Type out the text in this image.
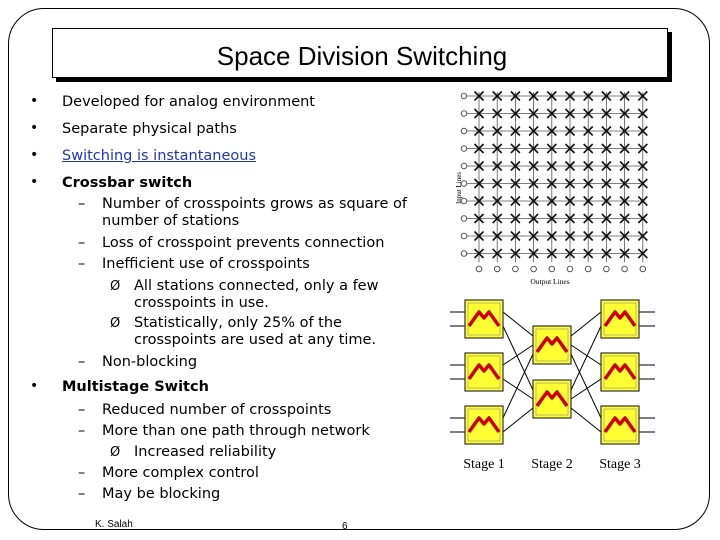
Space Division Switching
• Developed for analog environment
• Separate physical paths
• Switching is instantaneous
• Crossbar switch
– Number of crosspoints grows as square of
number of stations
– Loss of crosspoint prevents connection
– Inefficient use of crosspoints
Ø All stations connected, only a few
crosspoints in use.
Ø Statistically, only 25% of the
crosspoints are used at any time.
– Non-blocking
• Multistage Switch
– Reduced number of crosspoints
– More than one path through network
Ø Increased reliability
– More complex control
– May be blocking
Input Lines
Output Lines
Stage 1 Stage 2 Stage 3
K. Salah	6
